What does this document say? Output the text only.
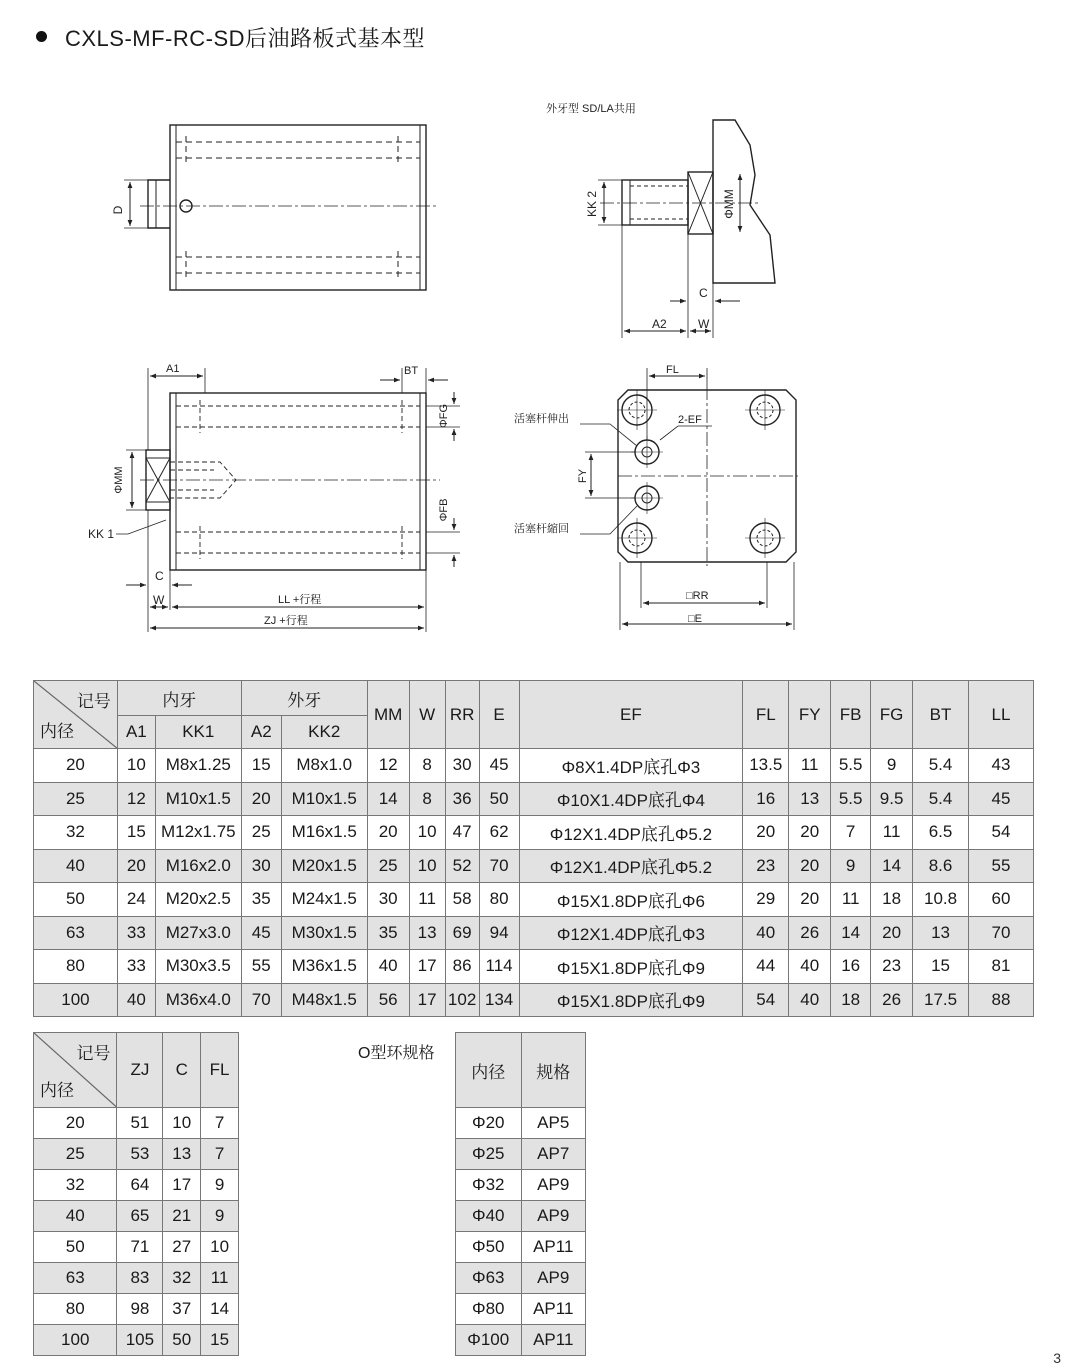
CXLS-MF-RC-SD后油路板式基本型
D
外牙型 SD/LA共用
KK 2	ΦMM
C
A2	W
A1	BT
ΦFG
ΦFB
ΦMM
KK 1
C
W	LL +行程
ZJ +行程
FL
2-EF
FY
□RR
□E
活塞杆伸出
活塞杆縮回
记号
内径	内牙		外牙		MM	W	RR	E	EF	FL	FY	FB	FG	BT	LL
	A1	KK1	A2	KK2											
20	10	M8x1.25	15	M8x1.0	12	8	30	45	Φ8X1.4DP底孔Φ3	13.5	11	5.5	9	5.4	43
25	12	M10x1.5	20	M10x1.5	14	8	36	50	Φ10X1.4DP底孔Φ4	16	13	5.5	9.5	5.4	45
32	15	M12x1.75	25	M16x1.5	20	10	47	62	Φ12X1.4DP底孔Φ5.2	20	20	7	11	6.5	54
40	20	M16x2.0	30	M20x1.5	25	10	52	70	Φ12X1.4DP底孔Φ5.2	23	20	9	14	8.6	55
50	24	M20x2.5	35	M24x1.5	30	11	58	80	Φ15X1.8DP底孔Φ6	29	20	11	18	10.8	60
63	33	M27x3.0	45	M30x1.5	35	13	69	94	Φ12X1.4DP底孔Φ3	40	26	14	20	13	70
80	33	M30x3.5	55	M36x1.5	40	17	86	114	Φ15X1.8DP底孔Φ9	44	40	16	23	15	81
100	40	M36x4.0	70	M48x1.5	56	17	102	134	Φ15X1.8DP底孔Φ9	54	40	18	26	17.5	88
记号
内径	ZJ	C	FL
20	51	10	7
25	53	13	7
32	64	17	9
40	65	21	9
50	71	27	10
63	83	32	11
80	98	37	14
100	105	50	15
O型环规格
内径	规格
Φ20	AP5
Φ25	AP7
Φ32	AP9
Φ40	AP9
Φ50	AP11
Φ63	AP9
Φ80	AP11
Φ100	AP11
3
